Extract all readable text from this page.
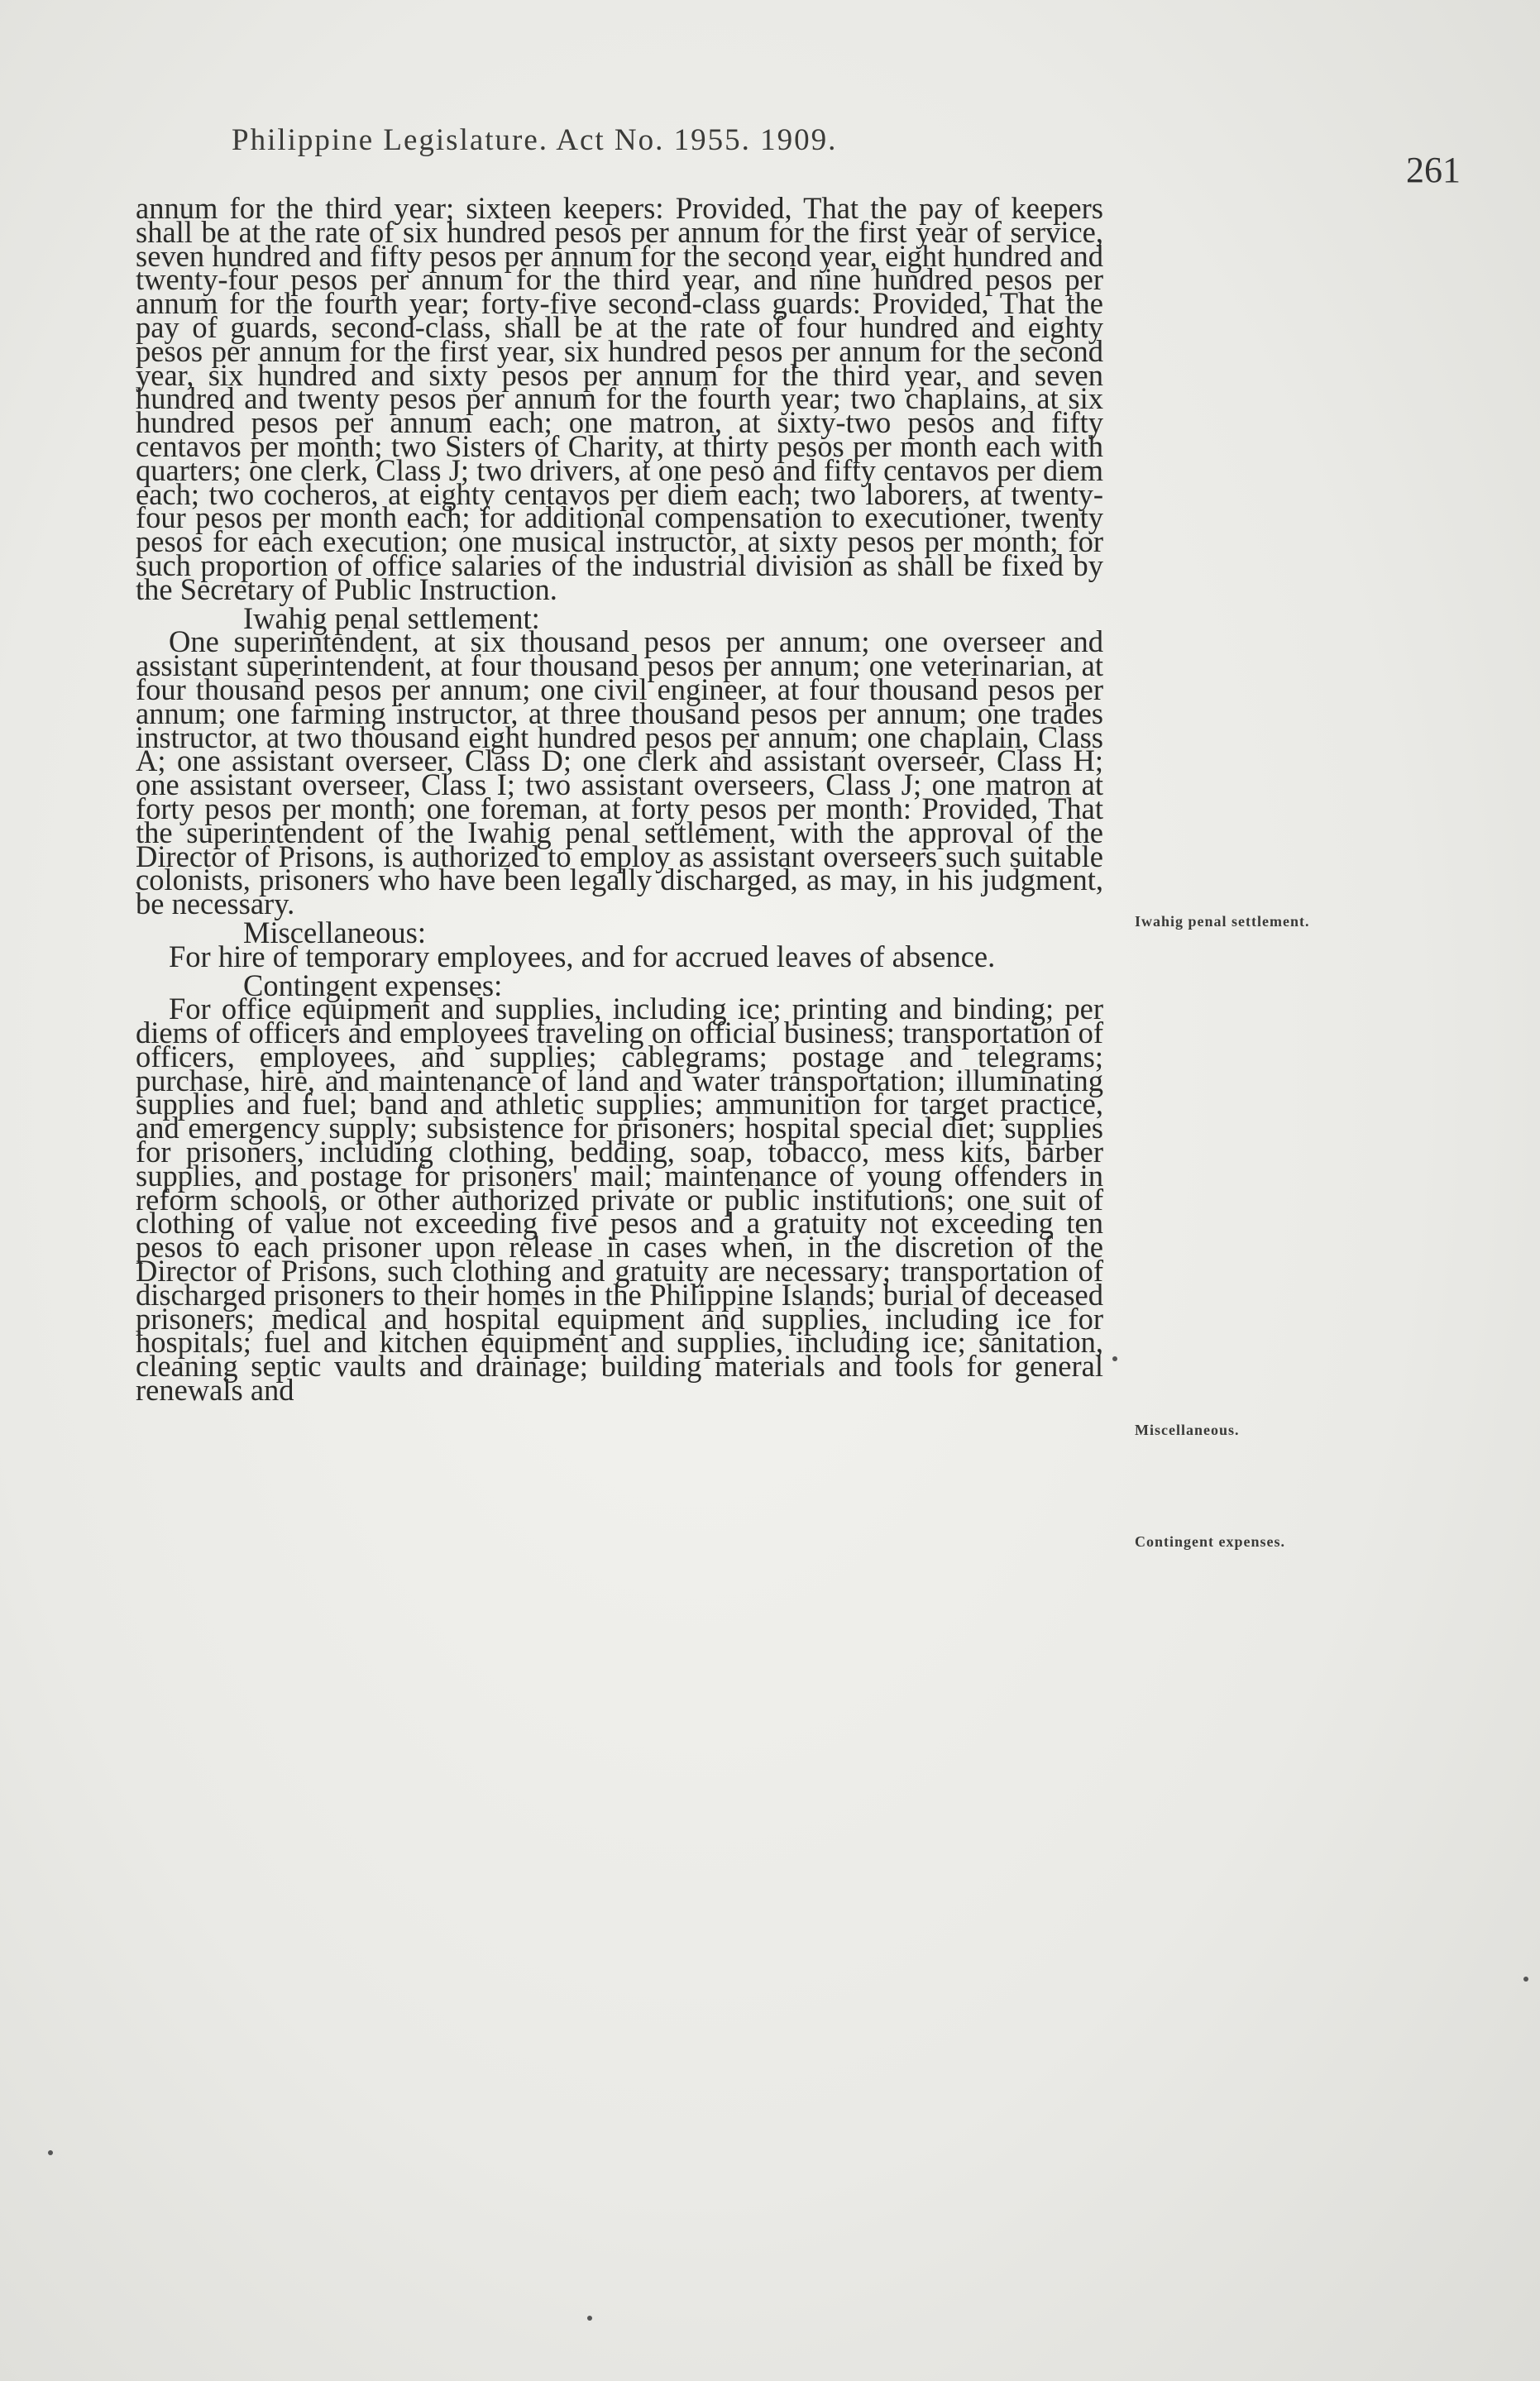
Philippine Legislature. Act No. 1955. 1909.
261

annum for the third year; sixteen keepers: Provided, That the pay of keepers shall be at the rate of six hundred pesos per annum for the first year of service, seven hundred and fifty pesos per annum for the second year, eight hundred and twenty-four pesos per annum for the third year, and nine hundred pesos per annum for the fourth year; forty-five second-class guards: Provided, That the pay of guards, second-class, shall be at the rate of four hundred and eighty pesos per annum for the first year, six hundred pesos per annum for the second year, six hundred and sixty pesos per annum for the third year, and seven hundred and twenty pesos per annum for the fourth year; two chaplains, at six hundred pesos per annum each; one matron, at sixty-two pesos and fifty centavos per month; two Sisters of Charity, at thirty pesos per month each with quarters; one clerk, Class J; two drivers, at one peso and fifty centavos per diem each; two cocheros, at eighty centavos per diem each; two laborers, at twenty-four pesos per month each; for additional compensation to executioner, twenty pesos for each execution; one musical instructor, at sixty pesos per month; for such proportion of office salaries of the industrial division as shall be fixed by the Secretary of Public Instruction.

Iwahig penal settlement:

One superintendent, at six thousand pesos per annum; one overseer and assistant superintendent, at four thousand pesos per annum; one veterinarian, at four thousand pesos per annum; one civil engineer, at four thousand pesos per annum; one farming instructor, at three thousand pesos per annum; one trades instructor, at two thousand eight hundred pesos per annum; one chaplain, Class A; one assistant overseer, Class D; one clerk and assistant overseer, Class H; one assistant overseer, Class I; two assistant overseers, Class J; one matron at forty pesos per month; one foreman, at forty pesos per month: Provided, That the superintendent of the Iwahig penal settlement, with the approval of the Director of Prisons, is authorized to employ as assistant overseers such suitable colonists, prisoners who have been legally discharged, as may, in his judgment, be necessary.

Miscellaneous:

For hire of temporary employees, and for accrued leaves of absence.

Contingent expenses:

For office equipment and supplies, including ice; printing and binding; per diems of officers and employees traveling on official business; transportation of officers, employees, and supplies; cablegrams; postage and telegrams; purchase, hire, and maintenance of land and water transportation; illuminating supplies and fuel; band and athletic supplies; ammunition for target practice, and emergency supply; subsistence for prisoners; hospital special diet; supplies for prisoners, including clothing, bedding, soap, tobacco, mess kits, barber supplies, and postage for prisoners' mail; maintenance of young offenders in reform schools, or other authorized private or public institutions; one suit of clothing of value not exceeding five pesos and a gratuity not exceeding ten pesos to each prisoner upon release in cases when, in the discretion of the Director of Prisons, such clothing and gratuity are necessary; transportation of discharged prisoners to their homes in the Philippine Islands; burial of deceased prisoners; medical and hospital equipment and supplies, including ice for hospitals; fuel and kitchen equipment and supplies, including ice; sanitation, cleaning septic vaults and drainage; building materials and tools for general renewals and

Iwahig penal settlement.
Miscellaneous.
Contingent expenses.
